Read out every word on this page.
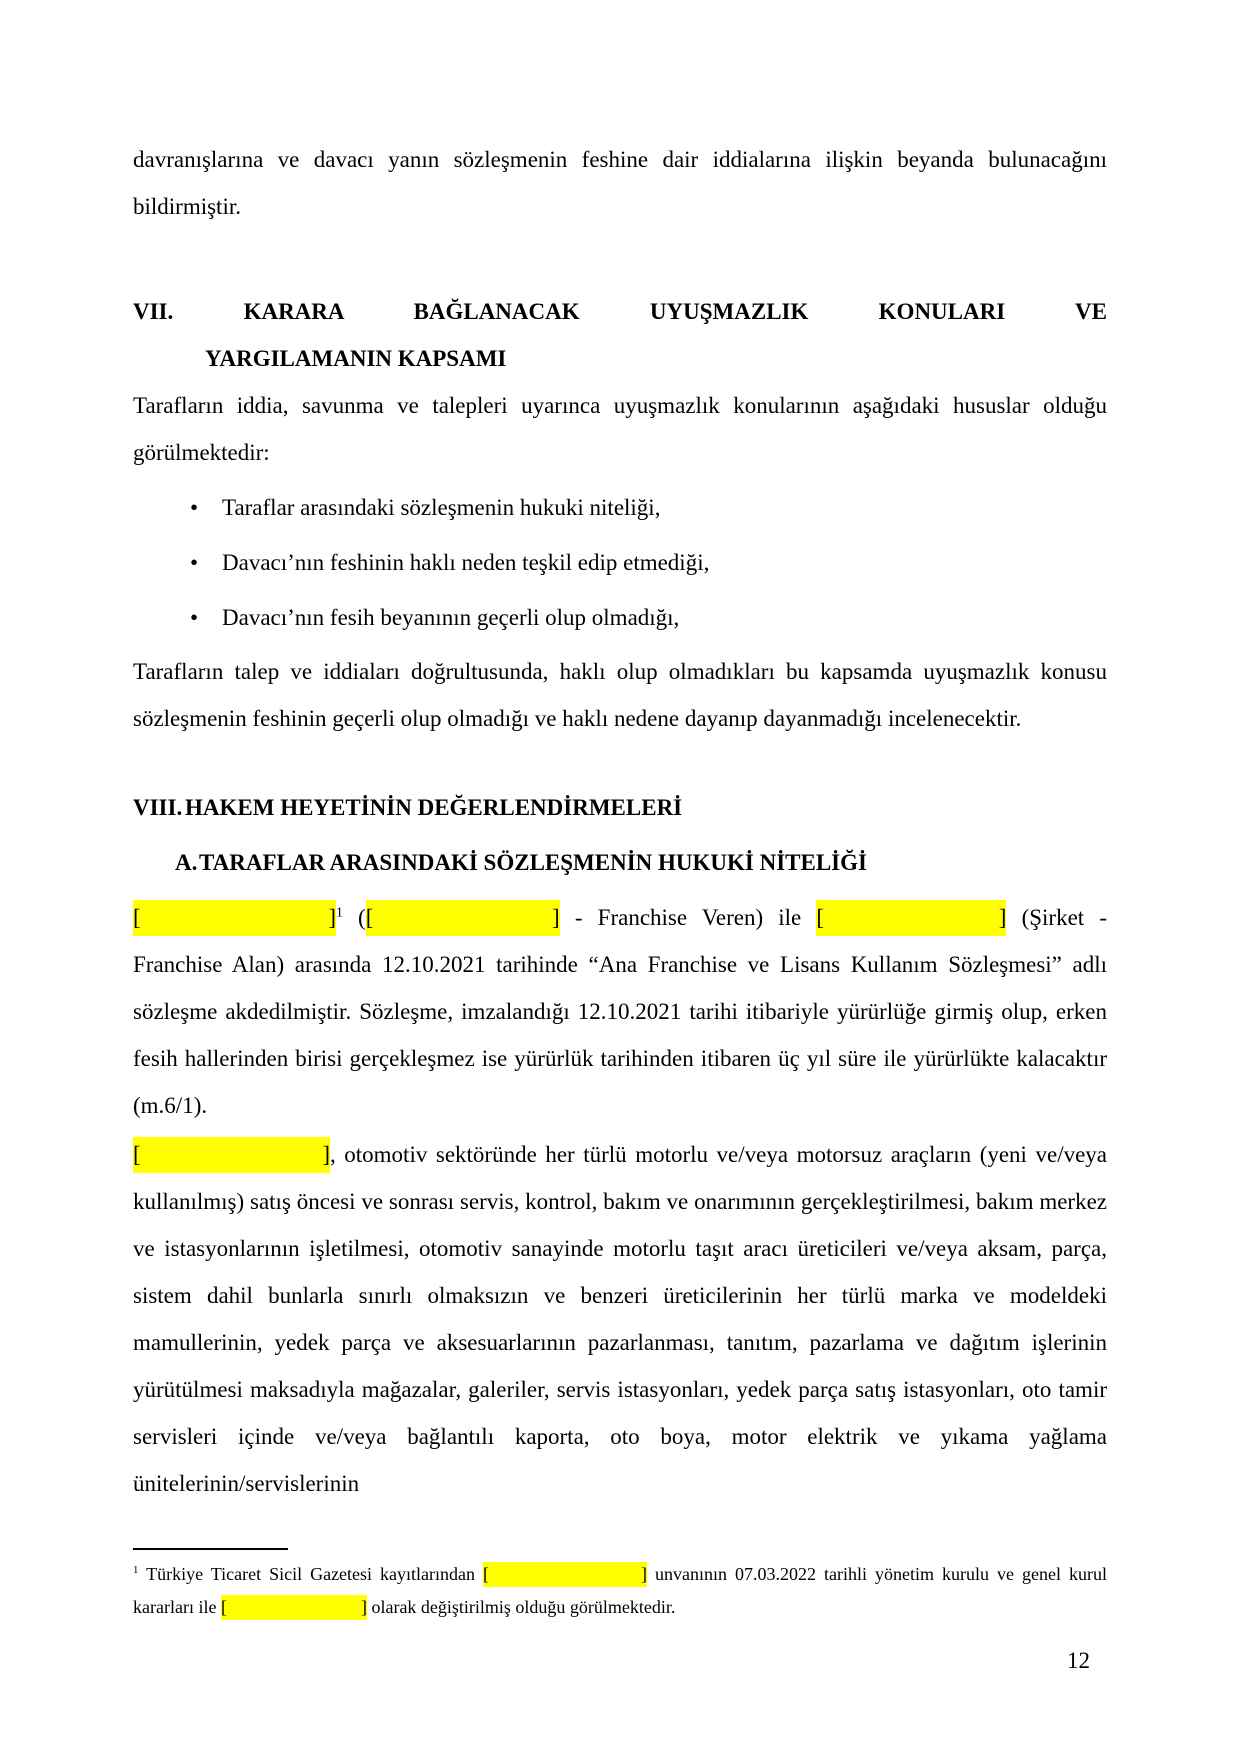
davranışlarına ve davacı yanın sözleşmenin feshine dair iddialarına ilişkin beyanda bulunacağını bildirmiştir.

VII.	KARARA BAĞLANACAK UYUŞMAZLIK KONULARI VE
YARGILAMANIN KAPSAMI

Tarafların iddia, savunma ve talepleri uyarınca uyuşmazlık konularının aşağıdaki hususlar olduğu görülmektedir:

• Taraflar arasındaki sözleşmenin hukuki niteliği,
• Davacı’nın feshinin haklı neden teşkil edip etmediği,
• Davacı’nın fesih beyanının geçerli olup olmadığı,

Tarafların talep ve iddiaları doğrultusunda, haklı olup olmadıkları bu kapsamda uyuşmazlık konusu sözleşmenin feshinin geçerli olup olmadığı ve haklı nedene dayanıp dayanmadığı incelenecektir.

VIII. HAKEM HEYETİNİN DEĞERLENDİRMELERİ
A.TARAFLAR ARASINDAKİ SÖZLEŞMENİN HUKUKİ NİTELİĞİ

[	] $^1$ ( [	] - Franchise Veren) ile [	] (Şirket - Franchise Alan) arasında 12.10.2021 tarihinde “Ana Franchise ve Lisans Kullanım Sözleşmesi” adlı sözleşme akdedilmiştir. Sözleşme, imzalandığı 12.10.2021 tarihi itibariyle yürürlüğe girmiş olup, erken fesih hallerinden birisi gerçekleşmez ise yürürlük tarihinden itibaren üç yıl süre ile yürürlükte kalacaktır (m.6/1).

[	] , otomotiv sektöründe her türlü motorlu ve/veya motorsuz araçların (yeni ve/veya kullanılmış) satış öncesi ve sonrası servis, kontrol, bakım ve onarımının gerçekleştirilmesi, bakım merkez ve istasyonlarının işletilmesi, otomotiv sanayinde motorlu taşıt aracı üreticileri ve/veya aksam, parça, sistem dahil bunlarla sınırlı olmaksızın ve benzeri üreticilerinin her türlü marka ve modeldeki mamullerinin, yedek parça ve aksesuarlarının pazarlanması, tanıtım, pazarlama ve dağıtım işlerinin yürütülmesi maksadıyla mağazalar, galeriler, servis istasyonları, yedek parça satış istasyonları, oto tamir servisleri içinde ve/veya bağlantılı kaporta, oto boya, motor elektrik ve yıkama yağlama ünitelerinin/servislerinin

$^1$ Türkiye Ticaret Sicil Gazetesi kayıtlarından [	] unvanının 07.03.2022 tarihli yönetim kurulu ve genel kurul kararları ile [	] olarak değiştirilmiş olduğu görülmektedir.

12
